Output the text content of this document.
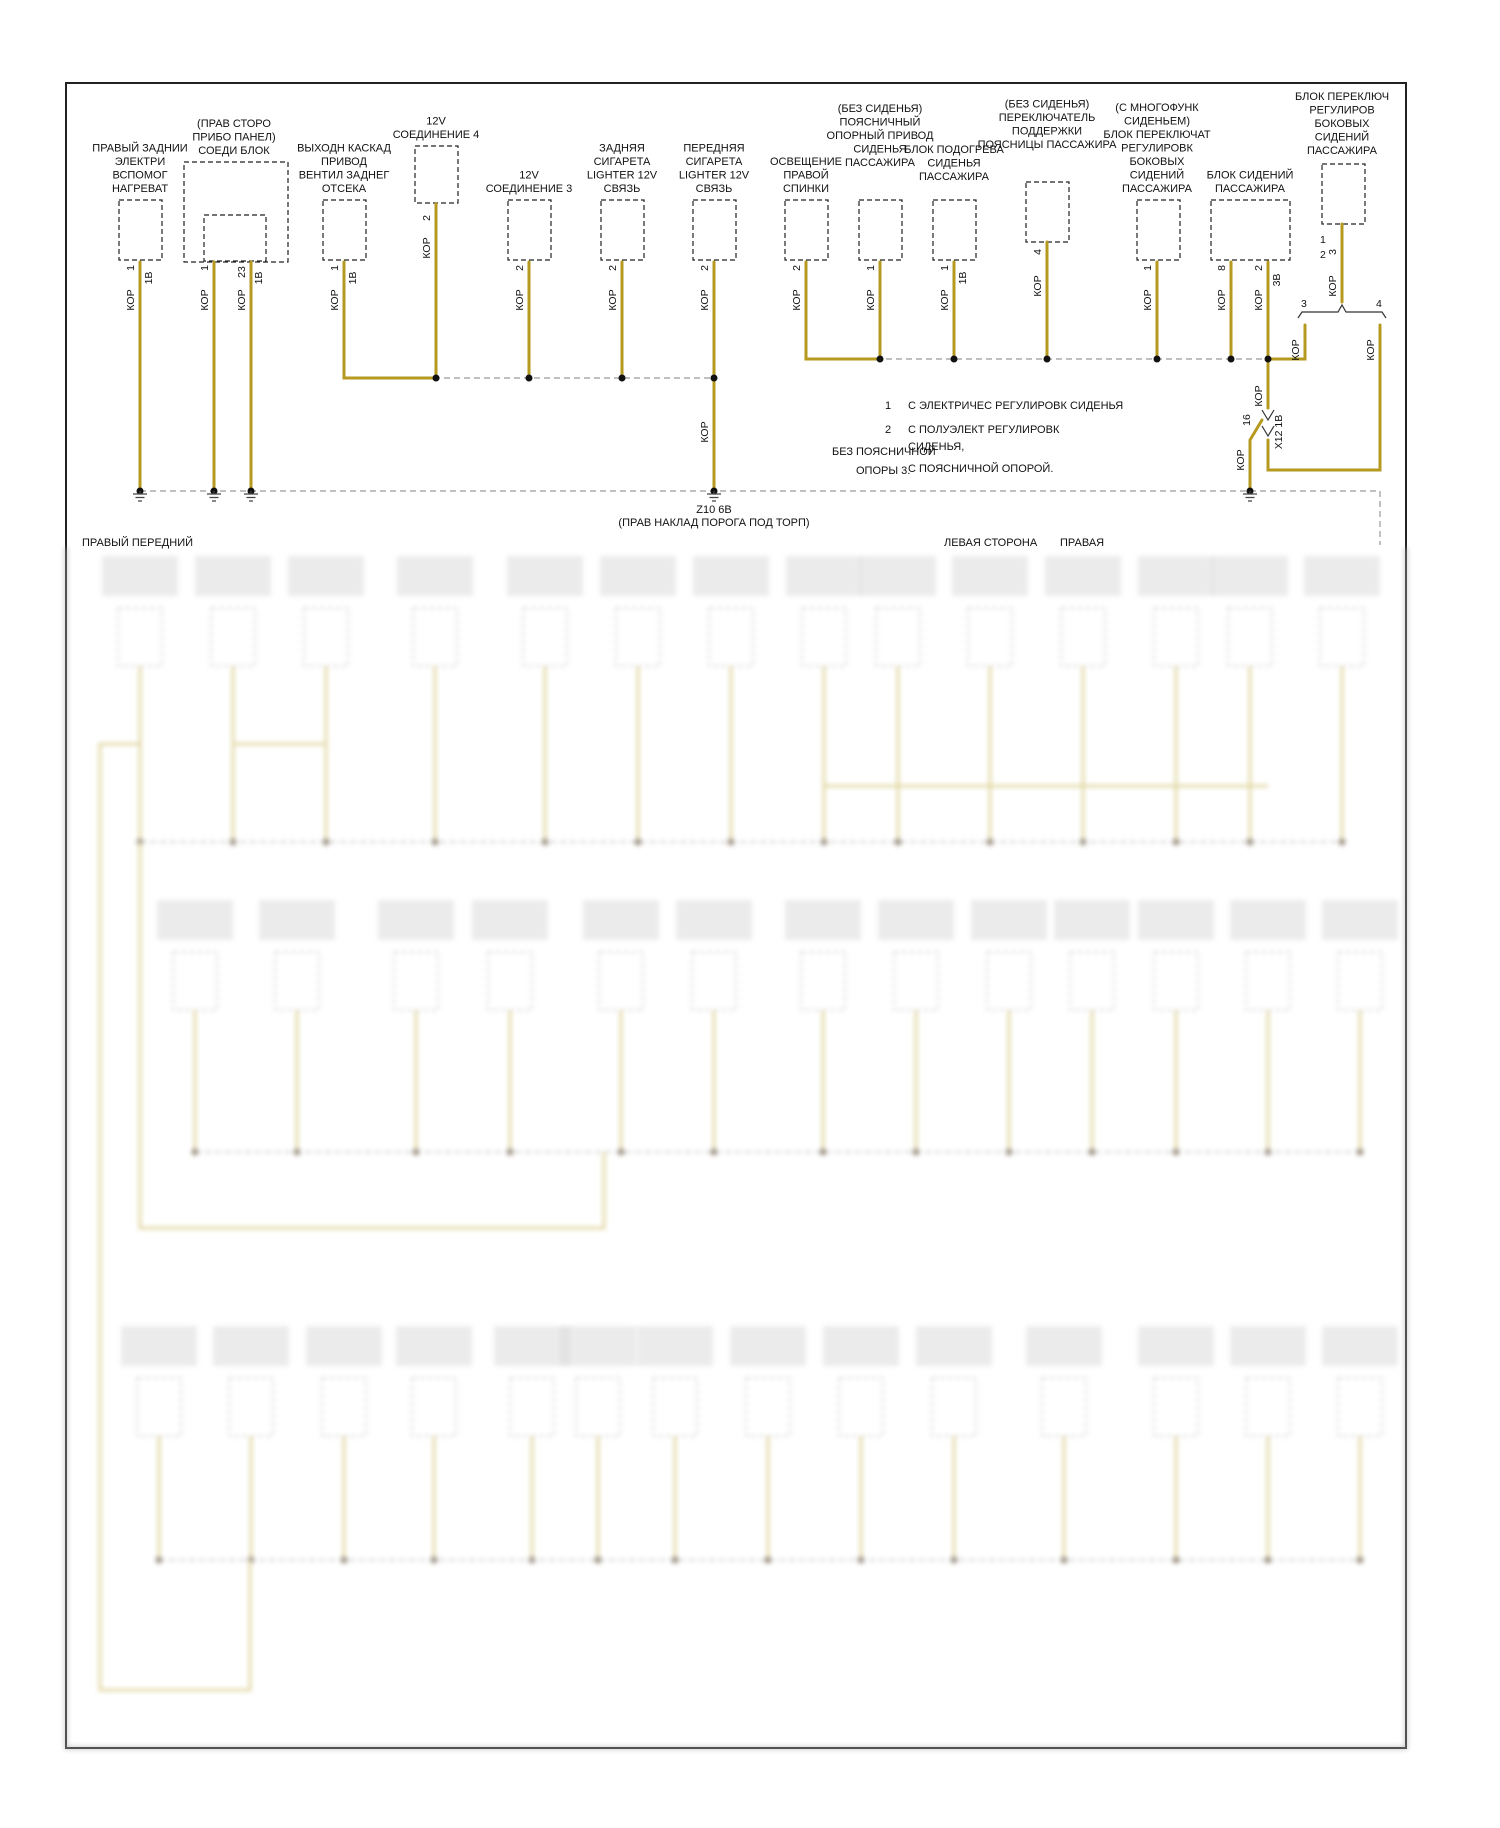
ПРАВЫЙ ЗАДНИИ
ЭЛЕКТРИ
ВСПОМОГ
НАГРЕВАТ
(ПРАВ СТОРО
ПРИБО ПАНЕЛ)
СОЕДИ БЛОК ВЫХОДН КАСКАД
ПРИВОД
ВЕНТИЛ ЗАДНЕГ
ОТСЕКА
12V
СОЕДИНЕНИЕ 4
12V
СОЕДИНЕНИЕ 3
ЗАДНЯЯ
СИГАРЕТА
LIGHTER 12V
СВЯЗЬ
ПЕРЕДНЯЯ
СИГАРЕТА
LIGHTER 12V
СВЯЗЬ
ОСВЕЩЕНИЕ
ПРАВОЙ
СПИНКИ
(БЕЗ СИДЕНЬЯ)
ПОЯСНИЧНЫЙ
ОПОРНЫЙ ПРИВОД
СИДЕНЬЯ
ПАССАЖИРА
БЛОК ПОДОГРЕВА
СИДЕНЬЯ
ПАССАЖИРА
(БЕЗ СИДЕНЬЯ)
ПЕРЕКЛЮЧАТЕЛЬ
ПОДДЕРЖКИ
ПОЯСНИЦЫ ПАССАЖИРА
(С МНОГОФУНК
СИДЕНЬЕМ)
БЛОК ПЕРЕКЛЮЧАТ
РЕГУЛИРОВК
БОКОВЫХ
СИДЕНИЙ
ПАССАЖИРА
БЛОК СИДЕНИЙ
ПАССАЖИРА
БЛОК ПЕРЕКЛЮЧ
РЕГУЛИРОВ
БОКОВЫХ
СИДЕНИЙ
ПАССАЖИРА
Z10 6B
(ПРАВ НАКЛАД ПОРОГА ПОД ТОРП)
КОР
1
1B
КОР
1
КОР
23 1B
КОР
1
1B
КОР
2
КОР
2
КОР
2
КОР
2
КОР
КОР
2
КОР
1
КОР
1
1B	КОР
4
КОР
1
КОР
8
КОР
2
3B	КОР
3
КОР	КОР
КОР
КОР
16 X12 1B
1
2
3	4
1 С ЭЛЕКТРИЧЕС РЕГУЛИРОВК СИДЕНЬЯ
2 С ПОЛУЭЛЕКТ РЕГУЛИРОВК
СИДЕНЬЯ,
С ПОЯСНИЧНОЙ ОПОРОЙ.
БЕЗ ПОЯСНИЧНОЙ
ОПОРЫ 3.
ПРАВЫЙ ПЕРЕДНИЙ	ЛЕВАЯ СТОРОНА ПРАВАЯ
